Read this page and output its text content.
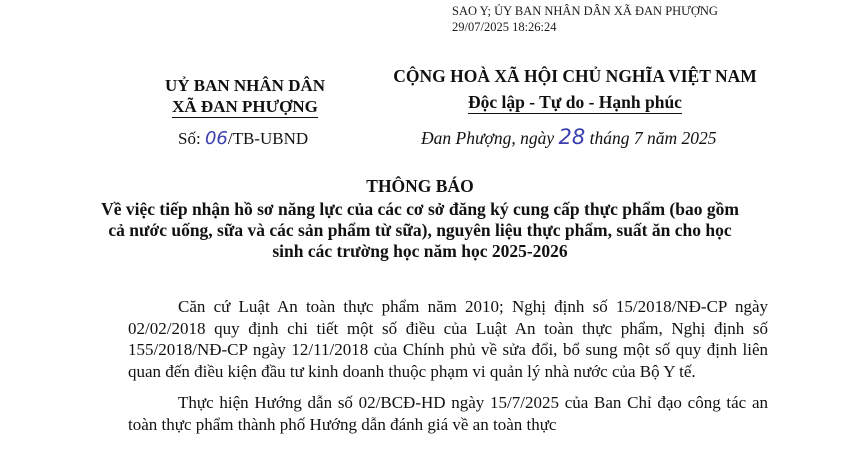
SAO Y; ỦY BAN NHÂN DÂN XÃ ĐAN PHƯỢNG
29/07/2025 18:26:24
UỶ BAN NHÂN DÂN
XÃ ĐAN PHƯỢNG
CỘNG HOÀ XÃ HỘI CHỦ NGHĨA VIỆT NAM
Độc lập - Tự do - Hạnh phúc
Số: 06/TB-UBND	Đan Phượng, ngày 28 tháng 7 năm 2025
THÔNG BÁO
Về việc tiếp nhận hồ sơ năng lực của các cơ sở đăng ký cung cấp thực phẩm (bao gồm cả nước uống, sữa và các sản phẩm từ sữa), nguyên liệu thực phẩm, suất ăn cho học sinh các trường học năm học 2025-2026

Căn cứ Luật An toàn thực phẩm năm 2010; Nghị định số 15/2018/NĐ-CP ngày 02/02/2018 quy định chi tiết một số điều của Luật An toàn thực phẩm, Nghị định số 155/2018/NĐ-CP ngày 12/11/2018 của Chính phủ về sửa đổi, bổ sung một số quy định liên quan đến điều kiện đầu tư kinh doanh thuộc phạm vi quản lý nhà nước của Bộ Y tế.

Thực hiện Hướng dẫn số 02/BCĐ-HD ngày 15/7/2025 của Ban Chỉ đạo công tác an toàn thực phẩm thành phố Hướng dẫn đánh giá về an toàn thực
